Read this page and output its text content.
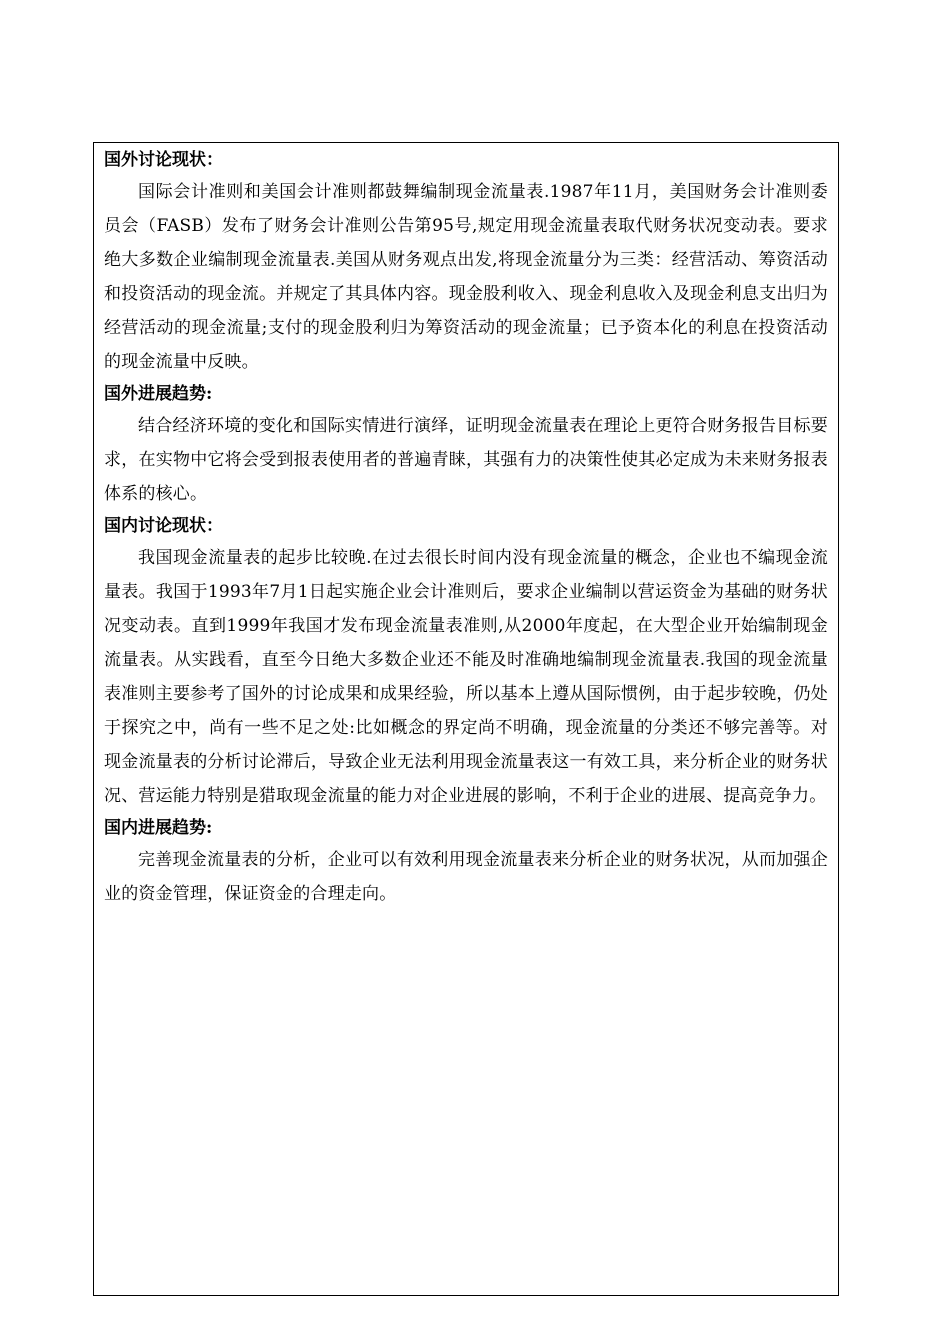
国外讨论现状：

国际会计准则和美国会计准则都鼓舞编制现金流量表.1987年11月，美国财务会计准则委员会（FASB）发布了财务会计准则公告第95号,规定用现金流量表取代财务状况变动表。要求绝大多数企业编制现金流量表.美国从财务观点出发,将现金流量分为三类：经营活动、筹资活动和投资活动的现金流。并规定了其具体内容。现金股利收入、现金利息收入及现金利息支出归为经营活动的现金流量;支付的现金股利归为筹资活动的现金流量；已予资本化的利息在投资活动的现金流量中反映。

国外进展趋势:

结合经济环境的变化和国际实情进行演绎，证明现金流量表在理论上更符合财务报告目标要求，在实物中它将会受到报表使用者的普遍青睐，其强有力的决策性使其必定成为未来财务报表体系的核心。

国内讨论现状：

我国现金流量表的起步比较晚.在过去很长时间内没有现金流量的概念，企业也不编现金流量表。我国于1993年7月1日起实施企业会计准则后，要求企业编制以营运资金为基础的财务状况变动表。直到1999年我国才发布现金流量表准则,从2000年度起，在大型企业开始编制现金流量表。从实践看，直至今日绝大多数企业还不能及时准确地编制现金流量表.我国的现金流量表准则主要参考了国外的讨论成果和成果经验，所以基本上遵从国际惯例，由于起步较晚，仍处于探究之中，尚有一些不足之处:比如概念的界定尚不明确，现金流量的分类还不够完善等。对现金流量表的分析讨论滞后，导致企业无法利用现金流量表这一有效工具，来分析企业的财务状况、营运能力特别是猎取现金流量的能力对企业进展的影响，不利于企业的进展、提高竞争力。

国内进展趋势:

完善现金流量表的分析，企业可以有效利用现金流量表来分析企业的财务状况，从而加强企业的资金管理，保证资金的合理走向。
